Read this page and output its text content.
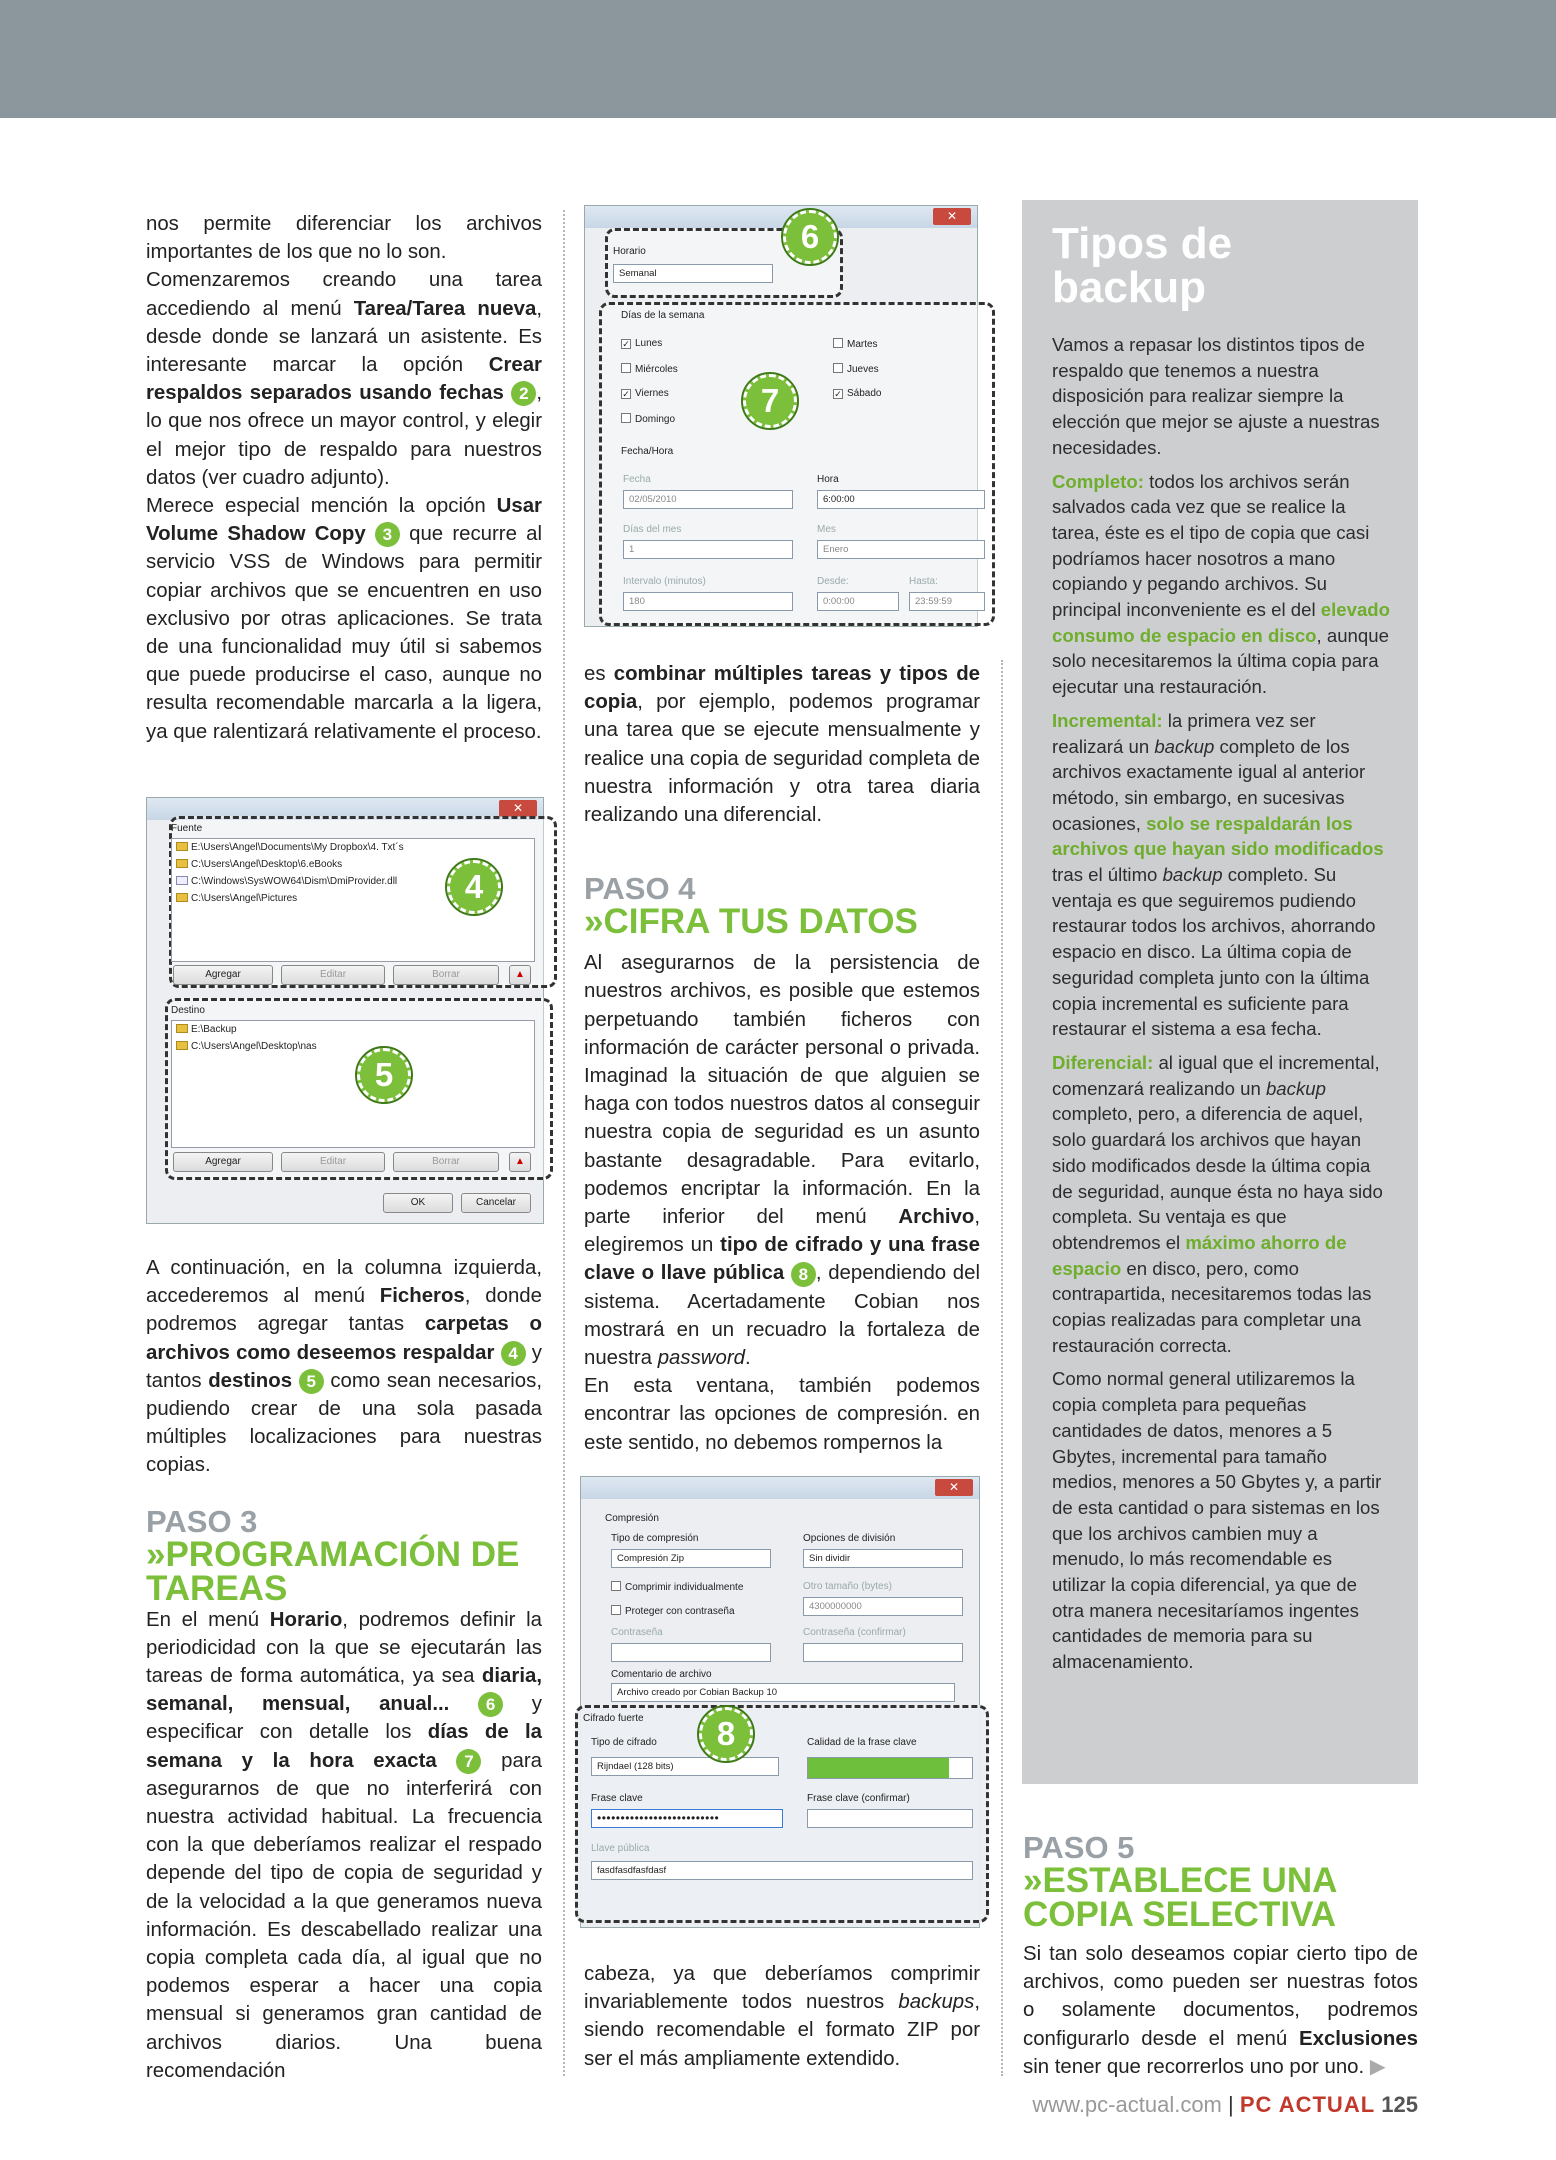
nos permite diferenciar los archivos importantes de los que no lo son.

Comenzaremos creando una tarea accediendo al menú Tarea/Tarea nueva, desde donde se lanzará un asistente. Es interesante marcar la opción Crear respaldos separados usando fechas 2 , lo que nos ofrece un mayor control, y elegir el mejor tipo de respaldo para nuestros datos (ver cuadro adjunto).

Merece especial mención la opción Usar Volume Shadow Copy 3 que recurre al servicio VSS de Windows para permitir copiar archivos que se encuentren en uso exclusivo por otras aplicaciones. Se trata de una funcionalidad muy útil si sabemos que puede producirse el caso, aunque no resulta recomendable marcarla a la ligera, ya que ralentizará relativamente el proceso.

✕
Fuente
E:\Users\Angel\Documents\My Dropbox\4. Txt´s
C:\Users\Angel\Desktop\6.eBooks
C:\Windows\SysWOW64\Dism\DmiProvider.dll
C:\Users\Angel\Pictures
Agregar	Editar	Borrar	▲
Destino
E:\Backup
C:\Users\Angel\Desktop\nas
Agregar	Editar	Borrar	▲
OK	Cancelar
4
5

A continuación, en la columna izquierda, accederemos al menú Ficheros, donde podremos agregar tantas carpetas o archivos como deseemos respaldar 4 y tantos destinos 5 como sean necesarios, pudiendo crear de una sola pasada múltiples localizaciones para nuestras copias.

PASO 3
»PROGRAMACIÓN DE TAREAS

En el menú Horario, podremos definir la periodicidad con la que se ejecutarán las tareas de forma automática, ya sea diaria, semanal, mensual, anual... 6 y especificar con detalle los días de la semana y la hora exacta 7 para asegurarnos de que no interferirá con nuestra actividad habitual. La frecuencia con la que deberíamos realizar el respado depende del tipo de copia de seguridad y de la velocidad a la que generamos nueva información. Es descabellado realizar una copia completa cada día, al igual que no podemos esperar a hacer una copia mensual si generamos gran cantidad de archivos diarios. Una buena recomendación

✕
Horario
Semanal
Días de la semana
✓ Lunes
Miércoles
✓ Viernes
Domingo
Martes
Jueves
✓ Sábado
Fecha/Hora
Fecha
02/05/2010
Hora
6:00:00
Días del mes
1
Mes
Enero
Intervalo (minutos)
180
Desde:
0:00:00
Hasta:
23:59:59
6
7

es combinar múltiples tareas y tipos de copia, por ejemplo, podemos programar una tarea que se ejecute mensualmente y realice una copia de seguridad completa de nuestra información y otra tarea diaria realizando una diferencial.

PASO 4
»CIFRA TUS DATOS

Al asegurarnos de la persistencia de nuestros archivos, es posible que estemos perpetuando también ficheros con información de carácter personal o privada. Imaginad la situación de que alguien se haga con todos nuestros datos al conseguir nuestra copia de seguridad es un asunto bastante desagradable. Para evitarlo, podemos encriptar la información. En la parte inferior del menú Archivo, elegiremos un tipo de cifrado y una frase clave o llave pública 8 , dependiendo del sistema. Acertadamente Cobian nos mostrará en un recuadro la fortaleza de nuestra password.

En esta ventana, también podemos encontrar las opciones de compresión. en este sentido, no debemos rompernos la

✕
Compresión
Tipo de compresión
Compresión Zip
Opciones de división
Sin dividir
Comprimir individualmente
Proteger con contraseña
Otro tamaño (bytes)
4300000000
Contraseña	Contraseña (confirmar)
Comentario de archivo
Archivo creado por Cobian Backup 10
Cifrado fuerte
Tipo de cifrado
Rijndael (128 bits)
Calidad de la frase clave
Frase clave
••••••••••••••••••••••••••
Frase clave (confirmar)
Llave pública
fasdfasdfasfdasf
8

cabeza, ya que deberíamos comprimir invariablemente todos nuestros backups, siendo recomendable el formato ZIP por ser el más ampliamente extendido.

Tipos de backup

Vamos a repasar los distintos tipos de respaldo que tenemos a nuestra disposición para realizar siempre la elección que mejor se ajuste a nuestras necesidades.

Completo: todos los archivos serán salvados cada vez que se realice la tarea, éste es el tipo de copia que casi podríamos hacer nosotros a mano copiando y pegando archivos. Su principal inconveniente es el del elevado consumo de espacio en disco, aunque solo necesitaremos la última copia para ejecutar una restauración.

Incremental: la primera vez ser realizará un backup completo de los archivos exactamente igual al anterior método, sin embargo, en sucesivas ocasiones, solo se respaldarán los archivos que hayan sido modificados tras el último backup completo. Su ventaja es que seguiremos pudiendo restaurar todos los archivos, ahorrando espacio en disco. La última copia de seguridad completa junto con la última copia incremental es suficiente para restaurar el sistema a esa fecha.

Diferencial: al igual que el incremental, comenzará realizando un backup completo, pero, a diferencia de aquel, solo guardará los archivos que hayan sido modificados desde la última copia de seguridad, aunque ésta no haya sido completa. Su ventaja es que obtendremos el máximo ahorro de espacio en disco, pero, como contrapartida, necesitaremos todas las copias realizadas para completar una restauración correcta.

Como normal general utilizaremos la copia completa para pequeñas cantidades de datos, menores a 5 Gbytes, incremental para tamaño medios, menores a 50 Gbytes y, a partir de esta cantidad o para sistemas en los que los archivos cambien muy a menudo, lo más recomendable es utilizar la copia diferencial, ya que de otra manera necesitaríamos ingentes cantidades de memoria para su almacenamiento.

PASO 5
»ESTABLECE UNA COPIA SELECTIVA

Si tan solo deseamos copiar cierto tipo de archivos, como pueden ser nuestras fotos o solamente documentos, podremos configurarlo desde el menú Exclusiones sin tener que recorrerlos uno por uno. ▶

www.pc-actual.com | PC ACTUAL 125
